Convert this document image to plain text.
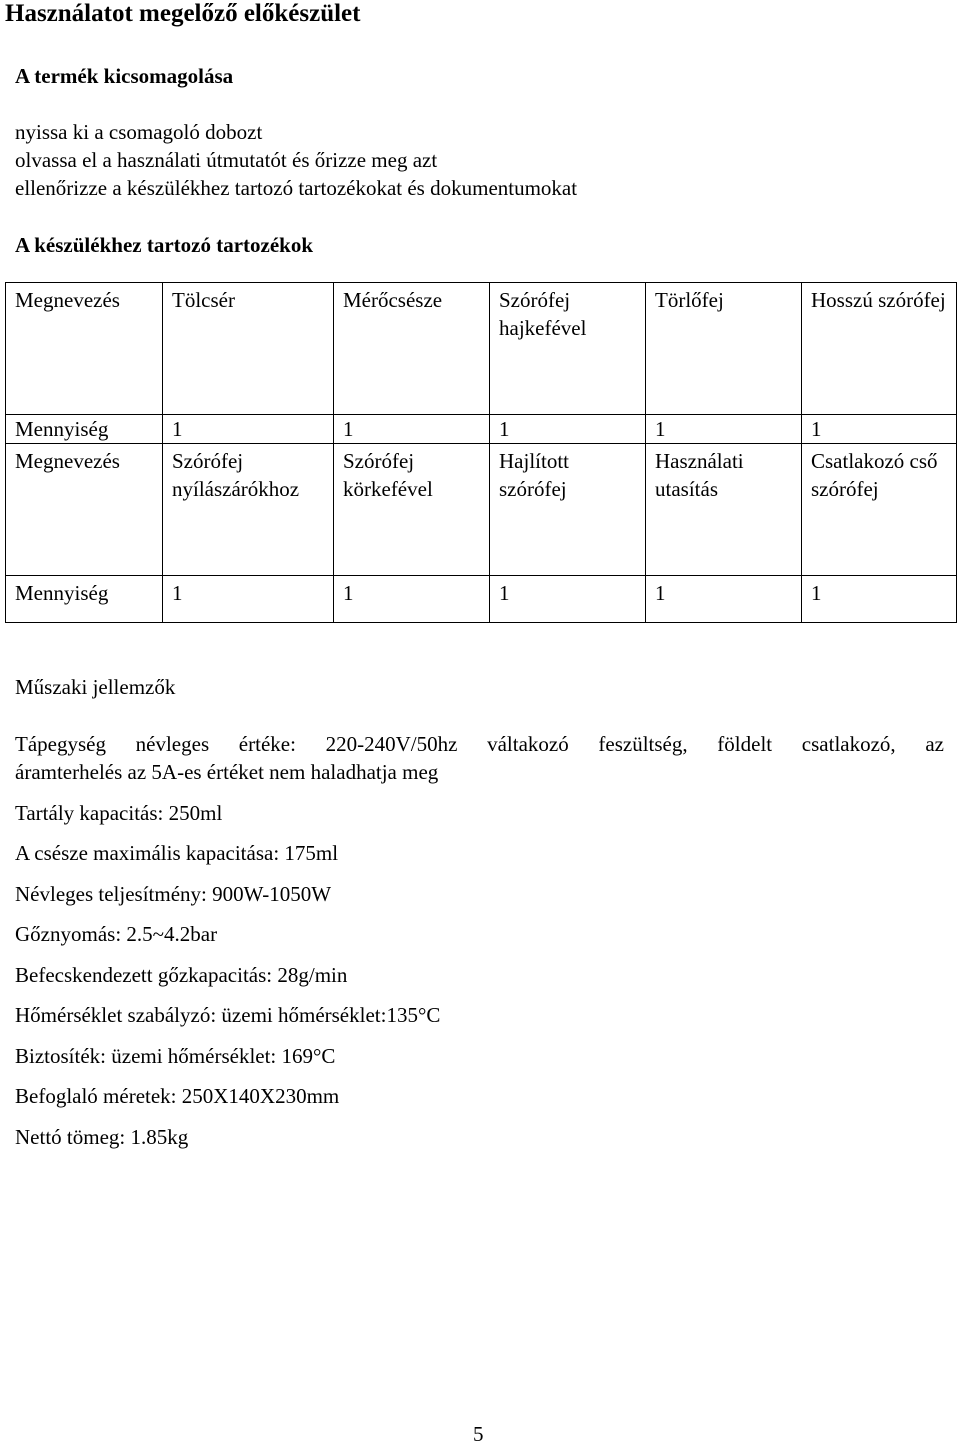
Használatot megelőző előkészület
A termék kicsomagolása
nyissa ki a csomagoló dobozt
olvassa el a használati útmutatót és őrizze meg azt
ellenőrizze a készülékhez tartozó tartozékokat és dokumentumokat
A készülékhez tartozó tartozékok
Megnevezés	Tölcsér	Mérőcsésze	Szórófej hajkefével	Törlőfej	Hosszú szórófej
Mennyiség	1	1	1	1	1
Megnevezés	Szórófej nyílászárókhoz	Szórófej körkefével	Hajlított szórófej	Használati utasítás	Csatlakozó cső szórófej
Mennyiség	1	1	1	1	1
Műszaki jellemzők
Tápegység névleges értéke: 220-240V/50hz váltakozó feszültség, földelt csatlakozó, az
áramterhelés az 5A-es értéket nem haladhatja meg
Tartály kapacitás: 250ml
A csésze maximális kapacitása: 175ml
Névleges teljesítmény: 900W-1050W
Gőznyomás: 2.5~4.2bar
Befecskendezett gőzkapacitás: 28g/min
Hőmérséklet szabályzó: üzemi hőmérséklet:135°C
Biztosíték: üzemi hőmérséklet: 169°C
Befoglaló méretek: 250X140X230mm
Nettó tömeg: 1.85kg
5
